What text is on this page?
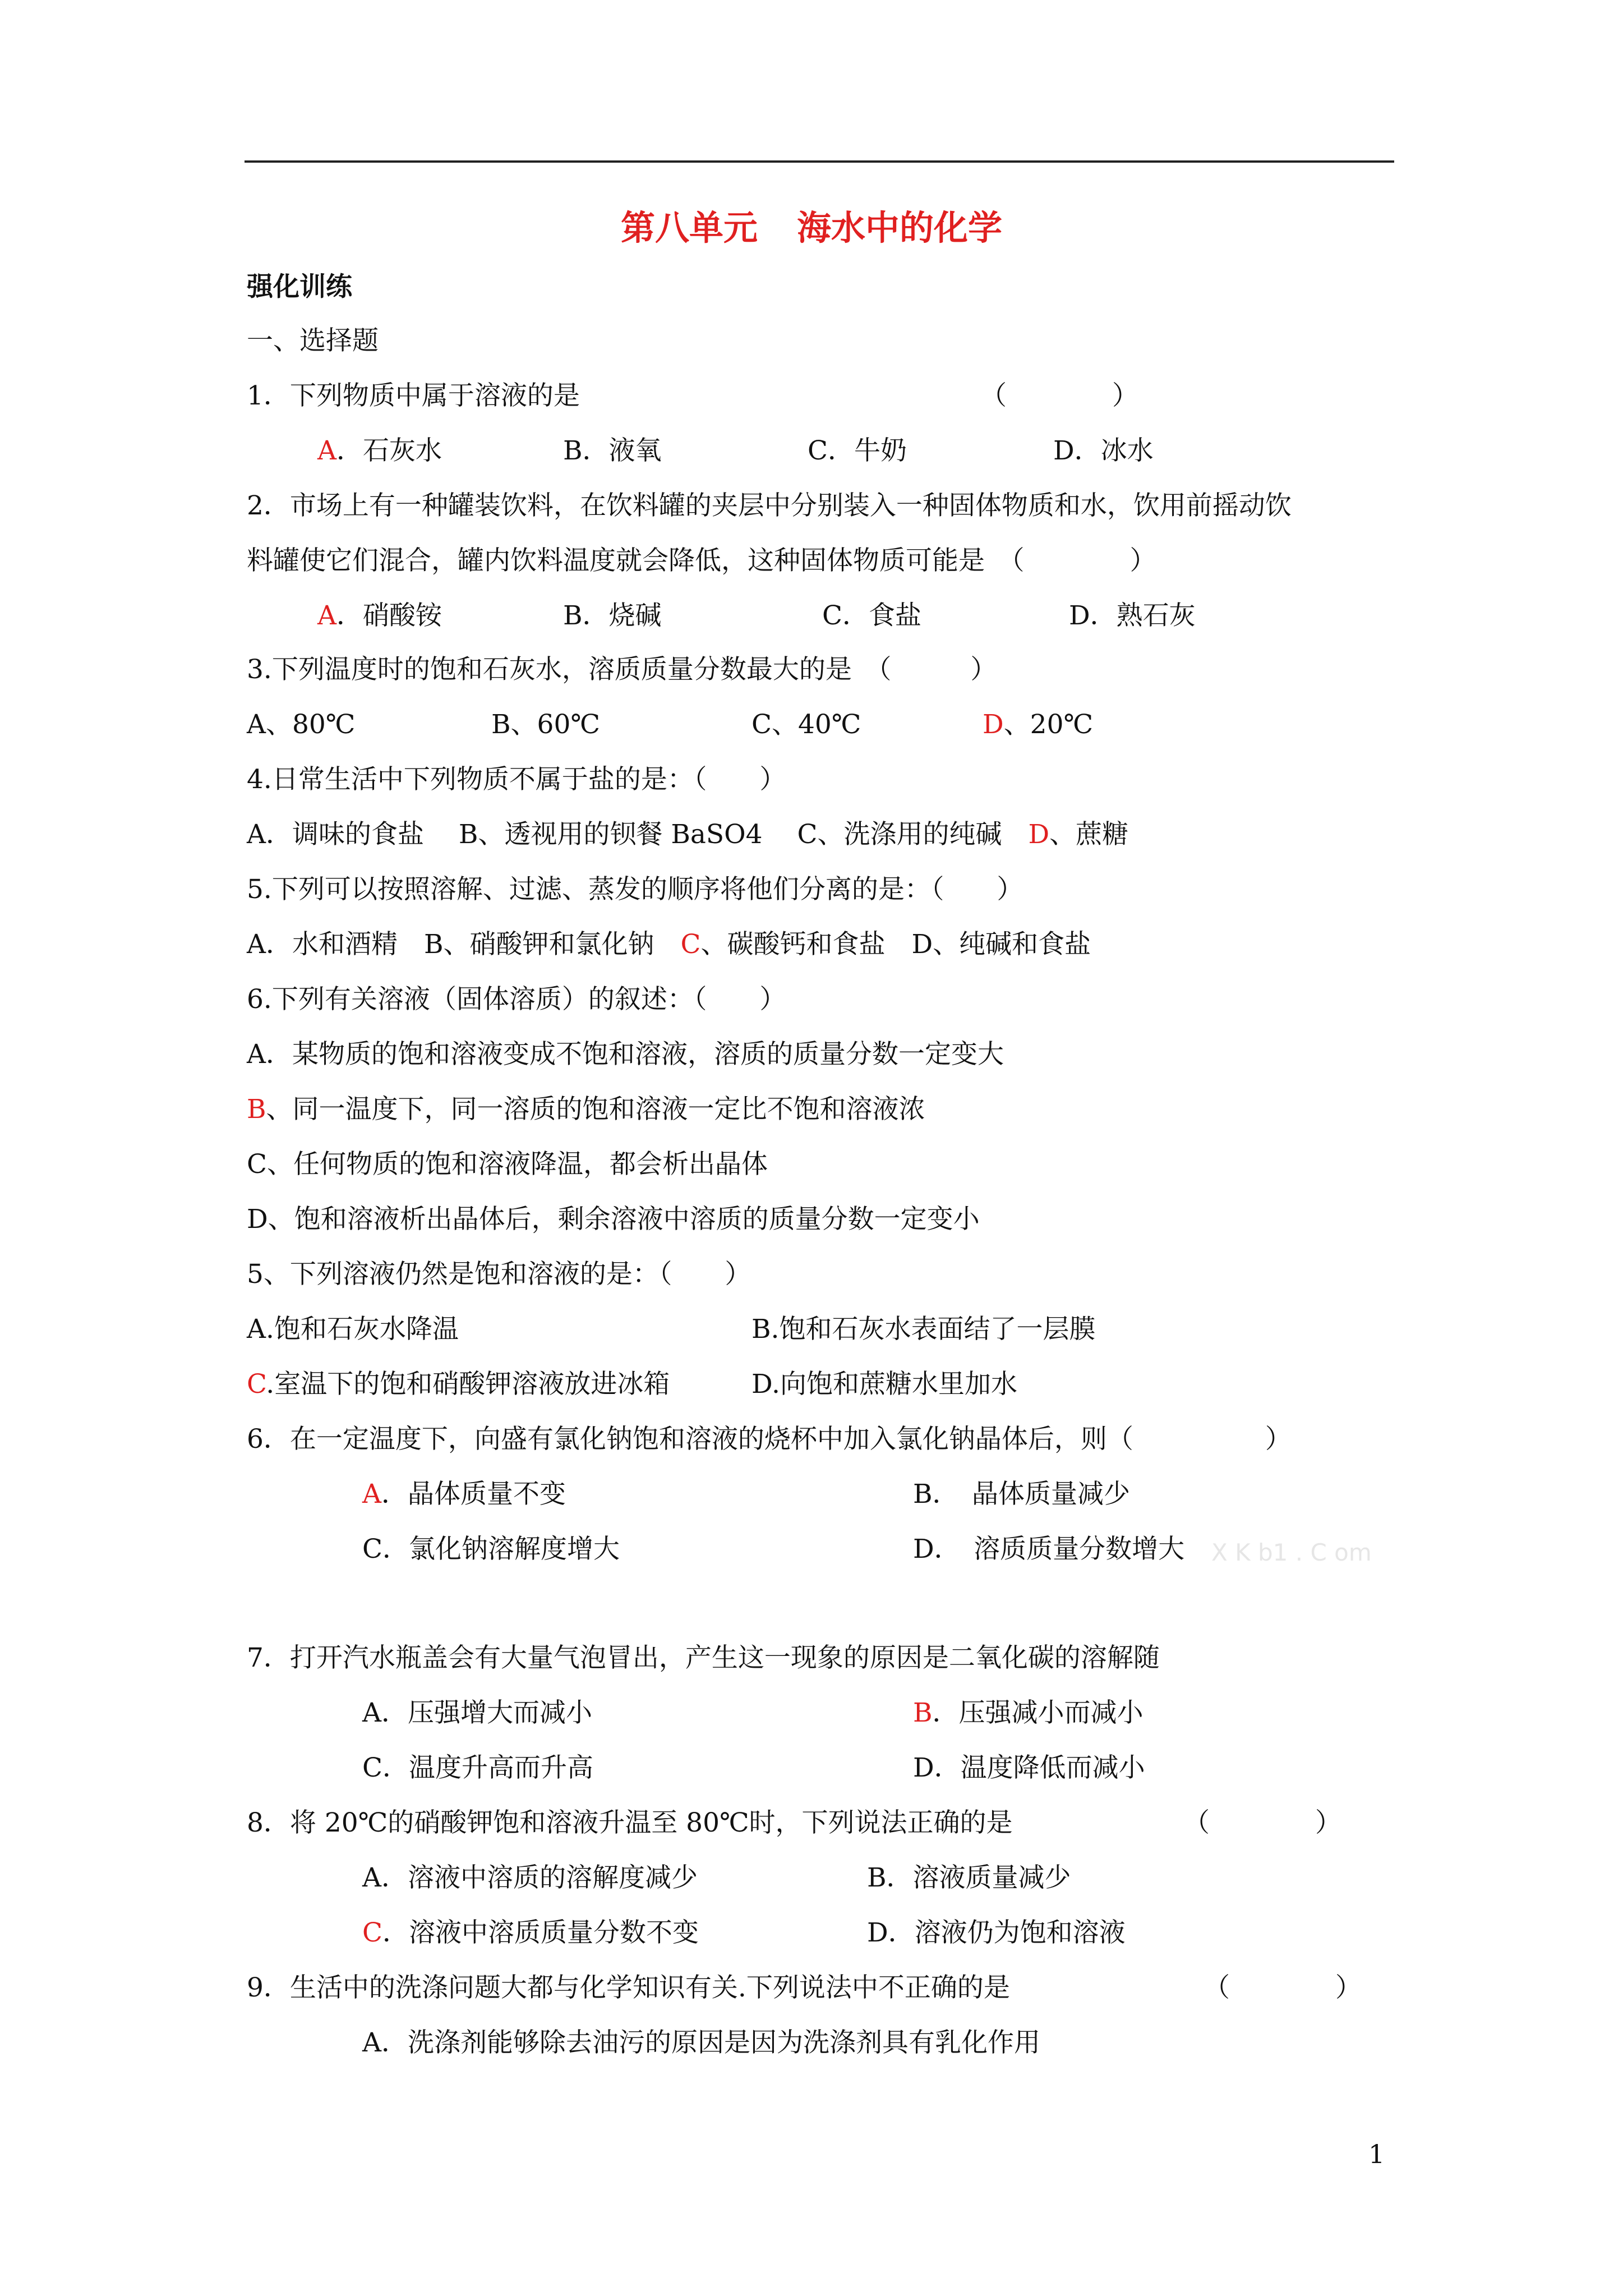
第八单元 海水中的化学
强化训练
一、选择题
1．下列物质中属于溶液的是	（　　　　）
A．石灰水	B．液氧	C．牛奶	D．冰水
2．市场上有一种罐装饮料，在饮料罐的夹层中分别装入一种固体物质和水，饮用前摇动饮
料罐使它们混合，罐内饮料温度就会降低，这种固体物质可能是　（　　　　）
A．硝酸铵	B．烧碱	C．食盐	D．熟石灰
3.下列温度时的饱和石灰水，溶质质量分数最大的是　（　　　）
A、80℃	B、60℃	C、40℃	D、20℃
4.日常生活中下列物质不属于盐的是：（　　）
A．调味的食盐　 B、透视用的钡餐 BaSO4　 C、洗涤用的纯碱　D、蔗糖
5.下列可以按照溶解、过滤、蒸发的顺序将他们分离的是：（　　）
A．水和酒精　B、硝酸钾和氯化钠　C、碳酸钙和食盐　D、纯碱和食盐
6.下列有关溶液（固体溶质）的叙述：（　　）
A．某物质的饱和溶液变成不饱和溶液，溶质的质量分数一定变大
B、同一温度下，同一溶质的饱和溶液一定比不饱和溶液浓
C、任何物质的饱和溶液降温，都会析出晶体
D、饱和溶液析出晶体后，剩余溶液中溶质的质量分数一定变小
5、下列溶液仍然是饱和溶液的是：（　　）
A.饱和石灰水降温	B.饱和石灰水表面结了一层膜
C.室温下的饱和硝酸钾溶液放进冰箱	D.向饱和蔗糖水里加水
6．在一定温度下，向盛有氯化钠饱和溶液的烧杯中加入氯化钠晶体后，则（　　　　　）
A．晶体质量不变	B．　晶体质量减少
C．氯化钠溶解度增大	D．　溶质质量分数增大 X K b1 . C om
7．打开汽水瓶盖会有大量气泡冒出，产生这一现象的原因是二氧化碳的溶解随
A．压强增大而减小	B．压强减小而减小
C．温度升高而升高	D．温度降低而减小
8．将 20℃的硝酸钾饱和溶液升温至 80℃时，下列说法正确的是	（　　　　）
A．溶液中溶质的溶解度减少	B．溶液质量减少
C．溶液中溶质质量分数不变	D．溶液仍为饱和溶液
9．生活中的洗涤问题大都与化学知识有关.下列说法中不正确的是	（　　　　）
A．洗涤剂能够除去油污的原因是因为洗涤剂具有乳化作用
1
